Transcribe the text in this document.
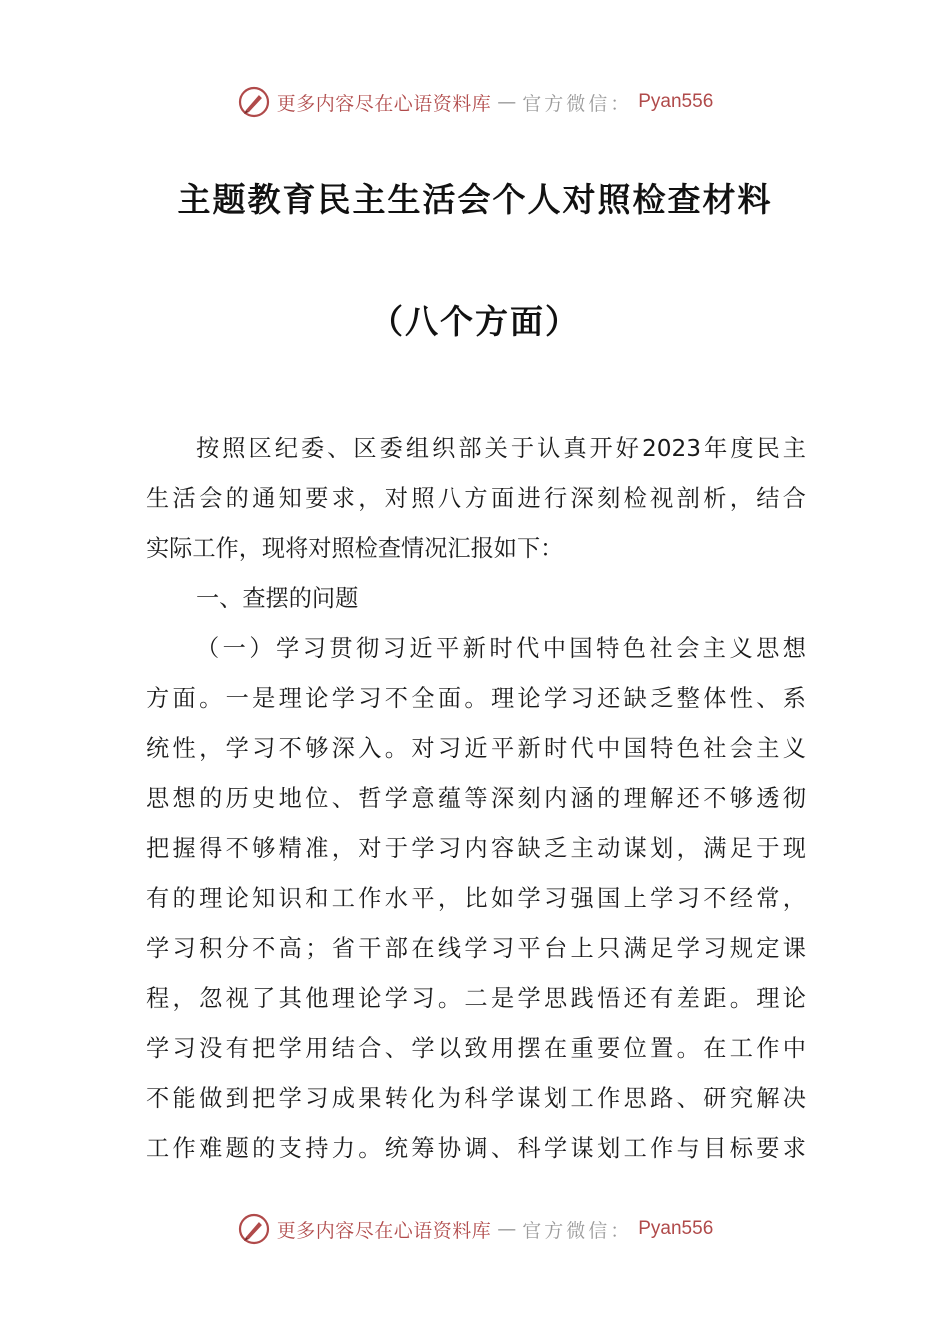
更多内容尽在心语资料库 — 官方微信： Pyan556
主题教育民主生活会个人对照检查材料
（八个方面）
按照区纪委、区委组织部关于认真开好2023年度民主
生活会的通知要求，对照八方面进行深刻检视剖析，结合
实际工作，现将对照检查情况汇报如下：
一、查摆的问题
（一）学习贯彻习近平新时代中国特色社会主义思想
方面。一是理论学习不全面。理论学习还缺乏整体性、系
统性，学习不够深入。对习近平新时代中国特色社会主义
思想的历史地位、哲学意蕴等深刻内涵的理解还不够透彻
把握得不够精准，对于学习内容缺乏主动谋划，满足于现
有的理论知识和工作水平，比如学习强国上学习不经常，
学习积分不高；省干部在线学习平台上只满足学习规定课
程，忽视了其他理论学习。二是学思践悟还有差距。理论
学习没有把学用结合、学以致用摆在重要位置。在工作中
不能做到把学习成果转化为科学谋划工作思路、研究解决
工作难题的支持力。统筹协调、科学谋划工作与目标要求
更多内容尽在心语资料库 — 官方微信： Pyan556
